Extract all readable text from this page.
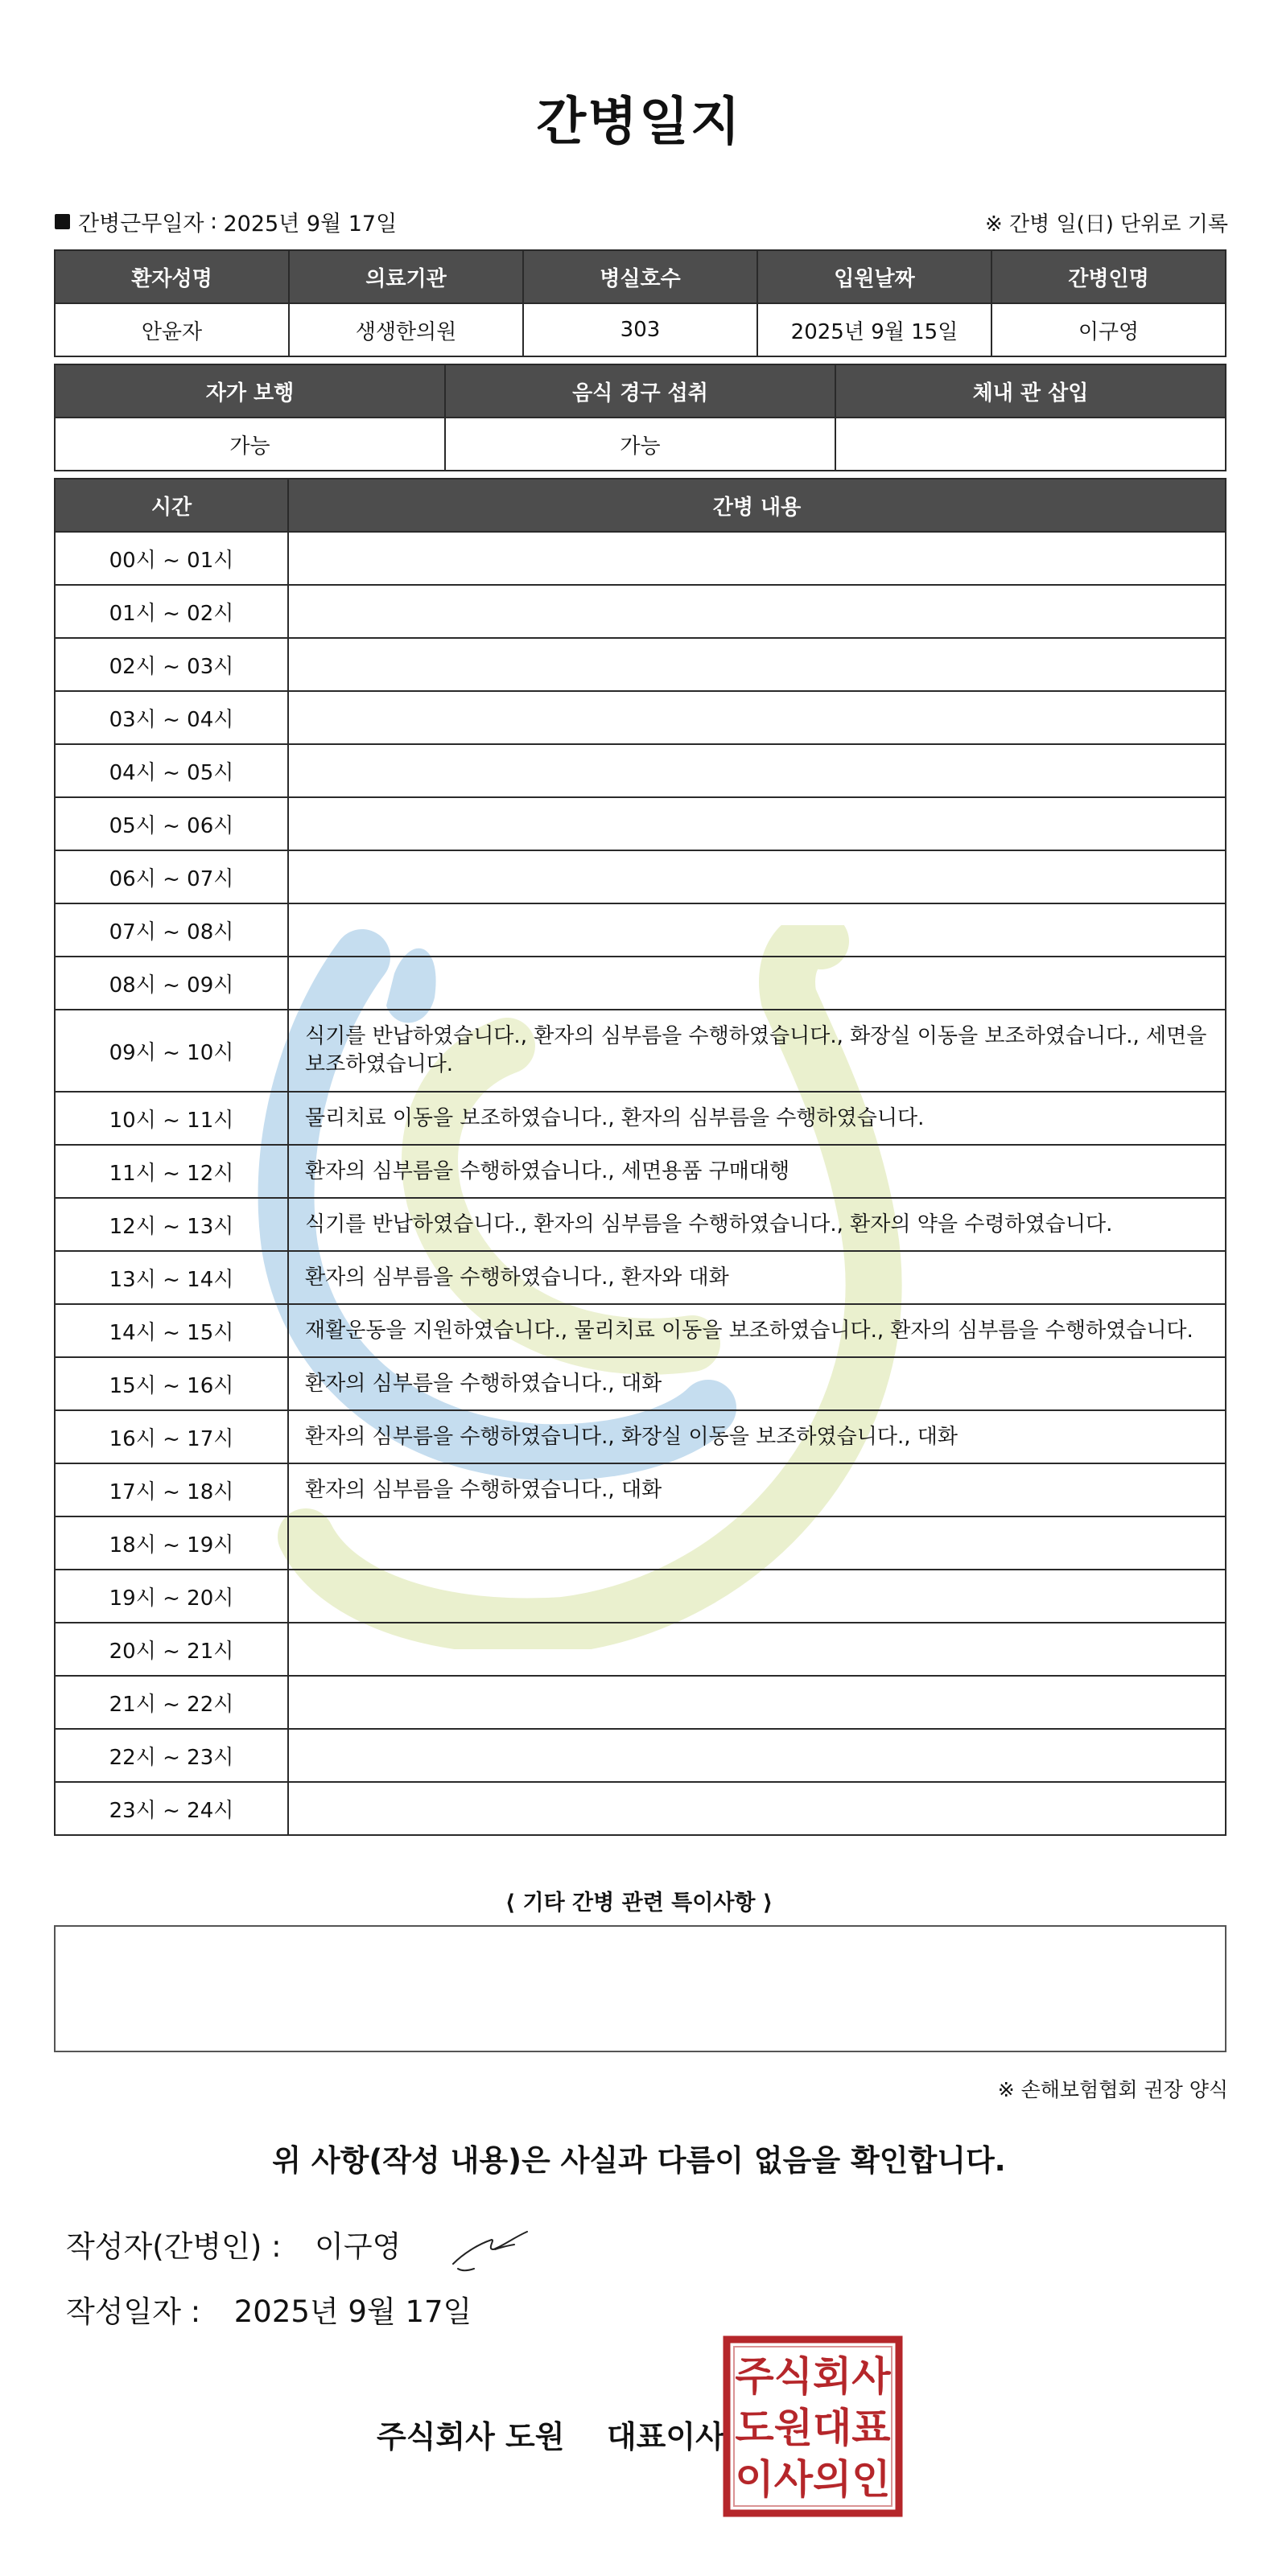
간병일지
간병근무일자 : 2025년 9월 17일	※ 간병 일(日) 단위로 기록
환자성명	의료기관	병실호수	입원날짜	간병인명
안윤자	생생한의원	303	2025년 9월 15일	이구영
자가 보행	음식 경구 섭취	체내 관 삽입
가능	가능	
시간	간병 내용
00시 ~ 01시	
01시 ~ 02시	
02시 ~ 03시	
03시 ~ 04시	
04시 ~ 05시	
05시 ~ 06시	
06시 ~ 07시	
07시 ~ 08시	
08시 ~ 09시	
09시 ~ 10시	식기를 반납하였습니다., 환자의 심부름을 수행하였습니다., 화장실 이동을 보조하였습니다., 세면을 보조하였습니다.
10시 ~ 11시	물리치료 이동을 보조하였습니다., 환자의 심부름을 수행하였습니다.
11시 ~ 12시	환자의 심부름을 수행하였습니다., 세면용품 구매대행
12시 ~ 13시	식기를 반납하였습니다., 환자의 심부름을 수행하였습니다., 환자의 약을 수령하였습니다.
13시 ~ 14시	환자의 심부름을 수행하였습니다., 환자와 대화
14시 ~ 15시	재활운동을 지원하였습니다., 물리치료 이동을 보조하였습니다., 환자의 심부름을 수행하였습니다.
15시 ~ 16시	환자의 심부름을 수행하였습니다., 대화
16시 ~ 17시	환자의 심부름을 수행하였습니다., 화장실 이동을 보조하였습니다., 대화
17시 ~ 18시	환자의 심부름을 수행하였습니다., 대화
18시 ~ 19시	
19시 ~ 20시	
20시 ~ 21시	
21시 ~ 22시	
22시 ~ 23시	
23시 ~ 24시	
⟨ 기타 간병 관련 특이사항 ⟩
※ 손해보험협회 권장 양식
위 사항(작성 내용)은 사실과 다름이 없음을 확인합니다.
작성자(간병인) : 이구영
작성일자 : 2025년 9월 17일
주식회사 도원 대표이사
주식회사
도원대표
이사의인
